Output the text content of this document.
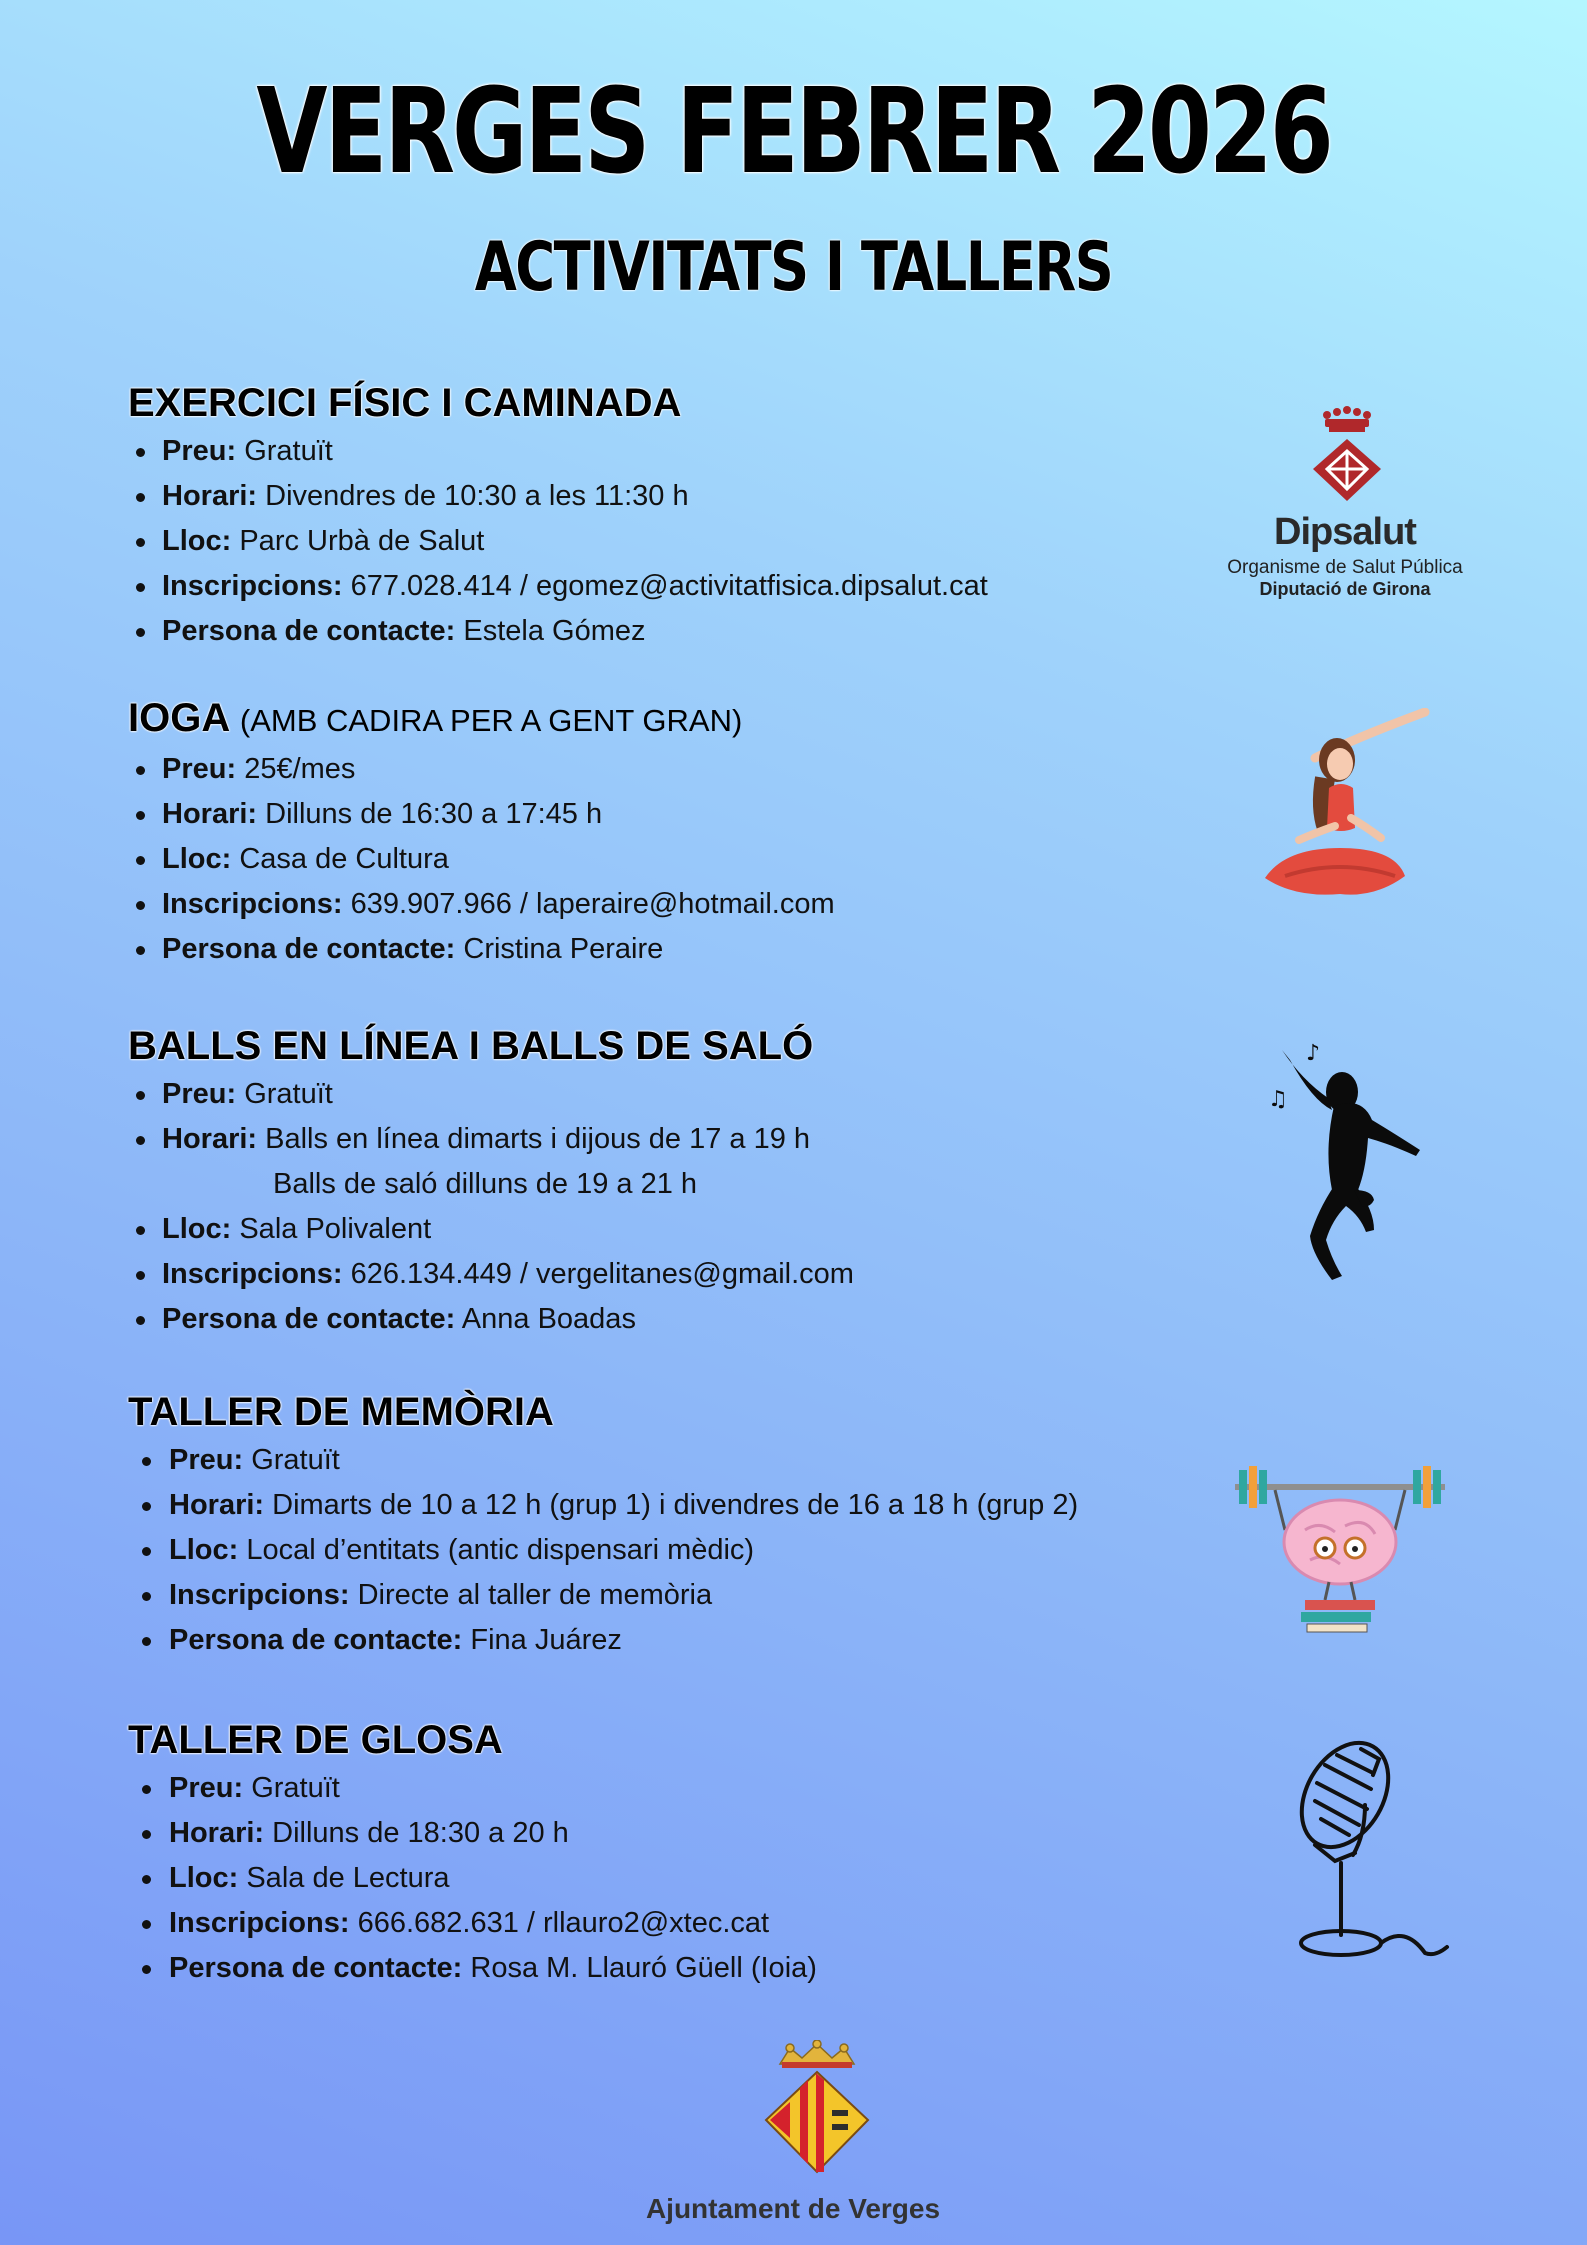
VERGES FEBRER 2026
ACTIVITATS I TALLERS
EXERCICI FÍSIC I CAMINADA
Preu: Gratuït
Horari: Divendres de 10:30 a les 11:30 h
Lloc: Parc Urbà de Salut
Inscripcions: 677.028.414 / egomez@activitatfisica.dipsalut.cat
Persona de contacte: Estela Gómez
IOGA (AMB CADIRA PER A GENT GRAN)
Preu: 25€/mes
Horari: Dilluns de 16:30 a 17:45 h
Lloc: Casa de Cultura
Inscripcions: 639.907.966 / laperaire@hotmail.com
Persona de contacte: Cristina Peraire
BALLS EN LÍNEA I BALLS DE SALÓ
Preu: Gratuït
Horari: Balls en línea dimarts i dijous de 17 a 19 h
Balls de saló dilluns de 19 a 21 h
Lloc: Sala Polivalent
Inscripcions: 626.134.449 / vergelitanes@gmail.com
Persona de contacte: Anna Boadas
TALLER DE MEMÒRIA
Preu: Gratuït
Horari: Dimarts de 10 a 12 h (grup 1) i divendres de 16 a 18 h (grup 2)
Lloc: Local d’entitats (antic dispensari mèdic)
Inscripcions: Directe al taller de memòria
Persona de contacte: Fina Juárez
TALLER DE GLOSA
Preu: Gratuït
Horari: Dilluns de 18:30 a 20 h
Lloc: Sala de Lectura
Inscripcions: 666.682.631 / rllauro2@xtec.cat
Persona de contacte: Rosa M. Llauró Güell (Ioia)
Dipsalut
Organisme de Salut Pública
Diputació de Girona
♪
♫
Ajuntament de Verges
